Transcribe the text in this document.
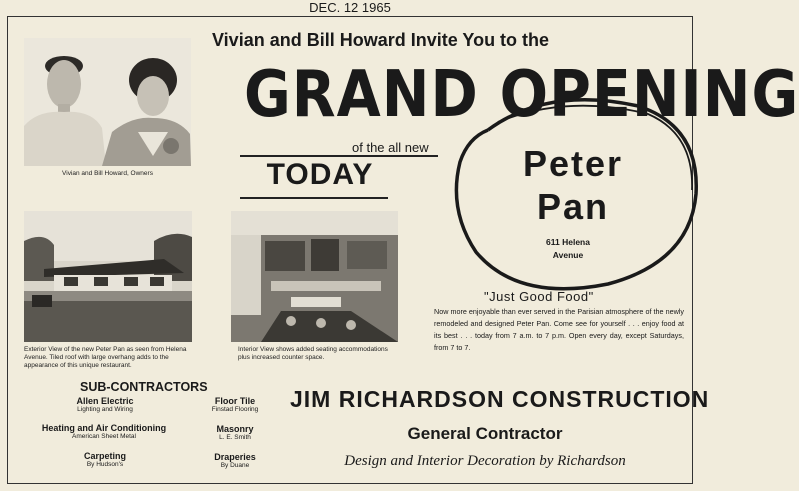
DEC. 12 1965
Vivian and Bill Howard, Owners
Exterior View of the new Peter Pan as seen from Helena Avenue. Tiled roof with large overhang adds to the appearance of this unique restaurant.
Interior View shows added seating accommodations plus increased counter space.
Vivian and Bill Howard Invite You to the
GRAND OPENING
of the all new
TODAY	Peter
Pan
611 Helena
Avenue
"Just Good Food"
Now more enjoyable than ever served in the Parisian atmosphere of the newly remodeled and designed Peter Pan. Come see for yourself . . . enjoy food at its best . . . today from 7 a.m. to 7 p.m. Open every day, except Saturdays, from 7 to 7.
SUB-CONTRACTORS
Allen Electric
Lighting and Wiring
Floor Tile
Finstad Flooring
Heating and Air Conditioning
American Sheet Metal
Masonry
L. E. Smith
Carpeting
By Hudson's
Draperies
By Duane
JIM RICHARDSON CONSTRUCTION
General Contractor
Design and Interior Decoration by Richardson
